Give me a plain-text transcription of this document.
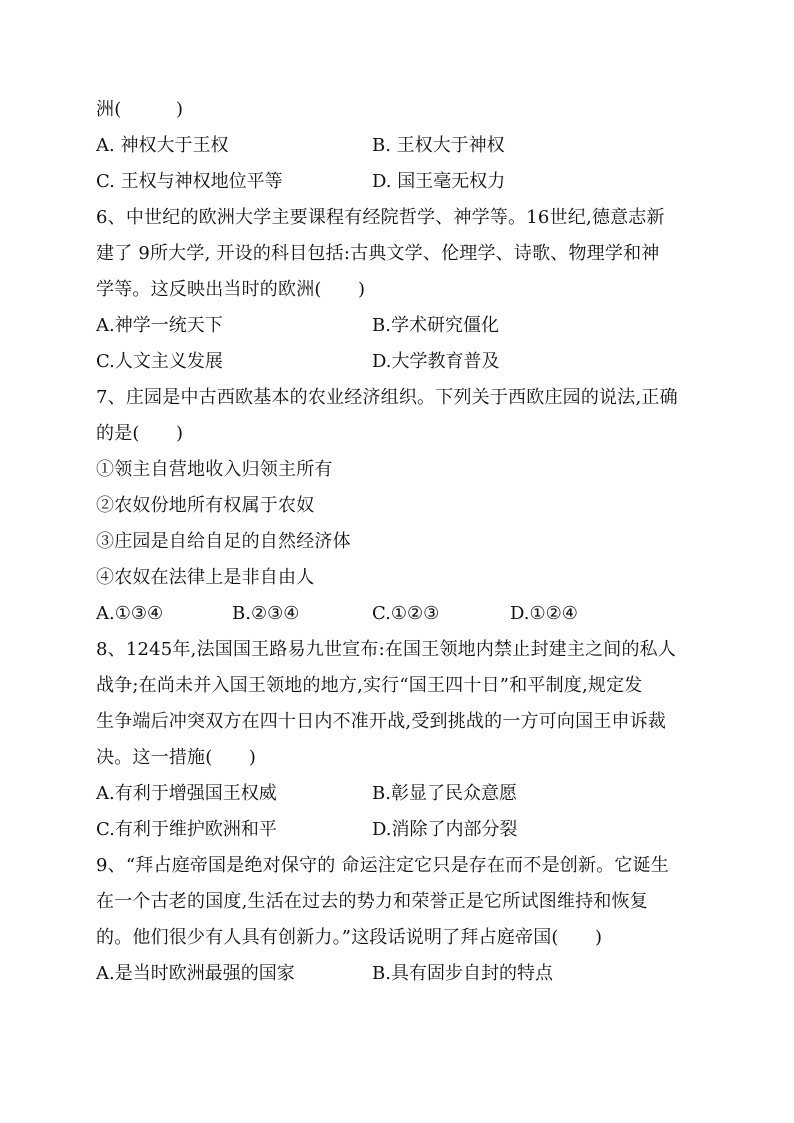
洲(　　　)
A. 神权大于王权	B. 王权大于神权
C. 王权与神权地位平等	D. 国王毫无权力
6、中世纪的欧洲大学主要课程有经院哲学、神学等。16世纪,德意志新
建了 9所大学, 开设的科目包括:古典文学、伦理学、诗歌、物理学和神
学等。这反映出当时的欧洲(　　)
A.神学一统天下	B.学术研究僵化
C.人文主义发展	D.大学教育普及
7、庄园是中古西欧基本的农业经济组织。下列关于西欧庄园的说法,正确
的是(　　)
①领主自营地收入归领主所有
②农奴份地所有权属于农奴
③庄园是自给自足的自然经济体
④农奴在法律上是非自由人
A.①③④	B.②③④	C.①②③	D.①②④
8、1245年,法国国王路易九世宣布:在国王领地内禁止封建主之间的私人
战争;在尚未并入国王领地的地方,实行“国王四十日”和平制度,规定发
生争端后冲突双方在四十日内不准开战,受到挑战的一方可向国王申诉裁
决。这一措施(　　)
A.有利于增强国王权威	B.彰显了民众意愿
C.有利于维护欧洲和平	D.消除了内部分裂
9、“拜占庭帝国是绝对保守的 命运注定它只是存在而不是创新。它诞生
在一个古老的国度,生活在过去的势力和荣誉正是它所试图维持和恢复
的。他们很少有人具有创新力。”这段话说明了拜占庭帝国(　　)
A.是当时欧洲最强的国家	B.具有固步自封的特点
